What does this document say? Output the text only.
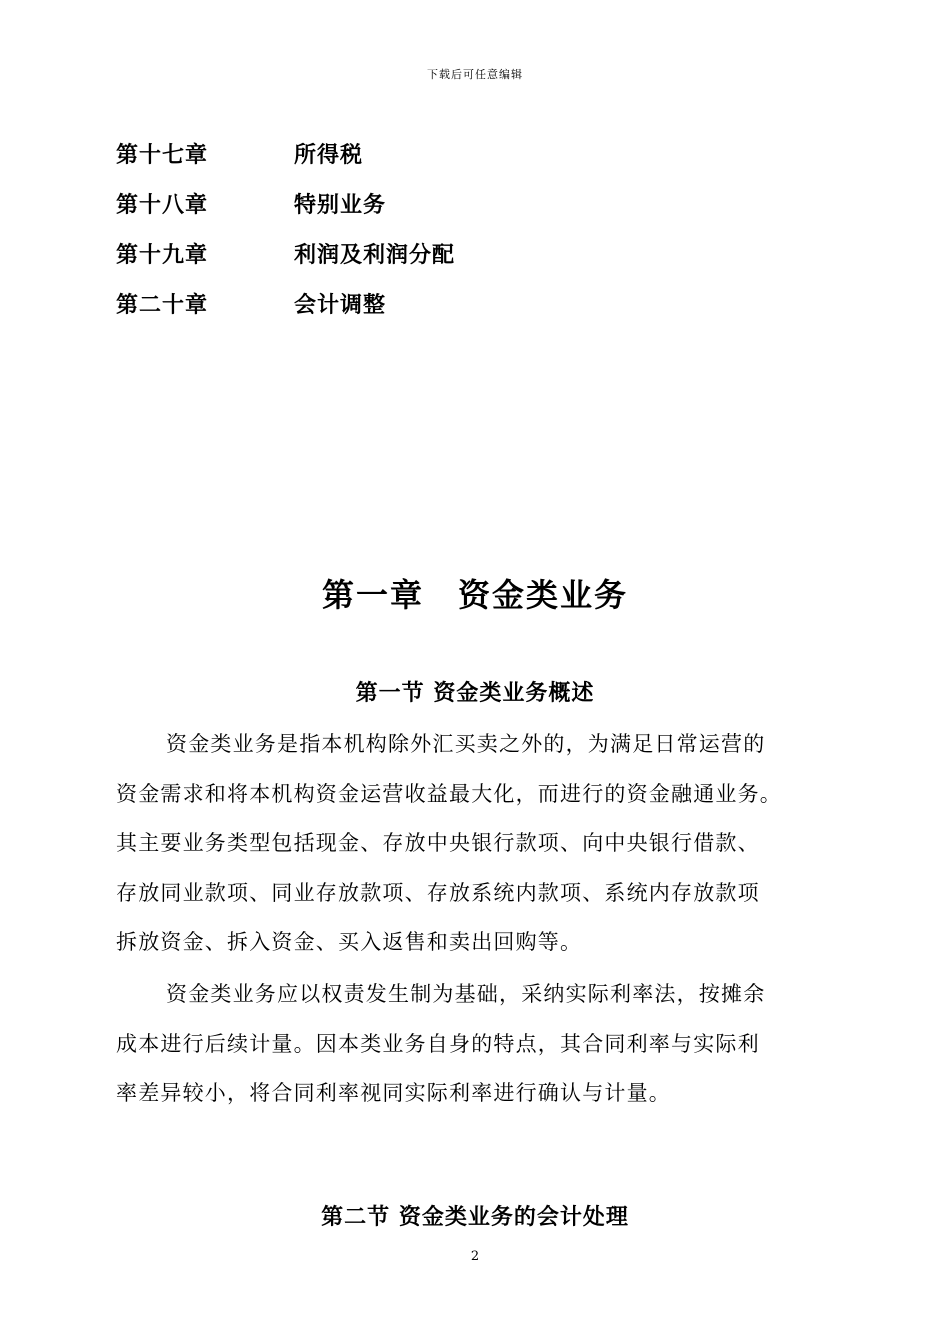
下载后可任意编辑
第十七章	所得税
第十八章	特别业务
第十九章	利润及利润分配
第二十章	会计调整
第一章　资金类业务
第一节 资金类业务概述
资金类业务是指本机构除外汇买卖之外的，为满足日常运营的
资金需求和将本机构资金运营收益最大化，而进行的资金融通业务。
其主要业务类型包括现金、存放中央银行款项、向中央银行借款、
存放同业款项、同业存放款项、存放系统内款项、系统内存放款项
拆放资金、拆入资金、买入返售和卖出回购等。
资金类业务应以权责发生制为基础，采纳实际利率法，按摊余
成本进行后续计量。因本类业务自身的特点，其合同利率与实际利
率差异较小，将合同利率视同实际利率进行确认与计量。
第二节 资金类业务的会计处理
2
